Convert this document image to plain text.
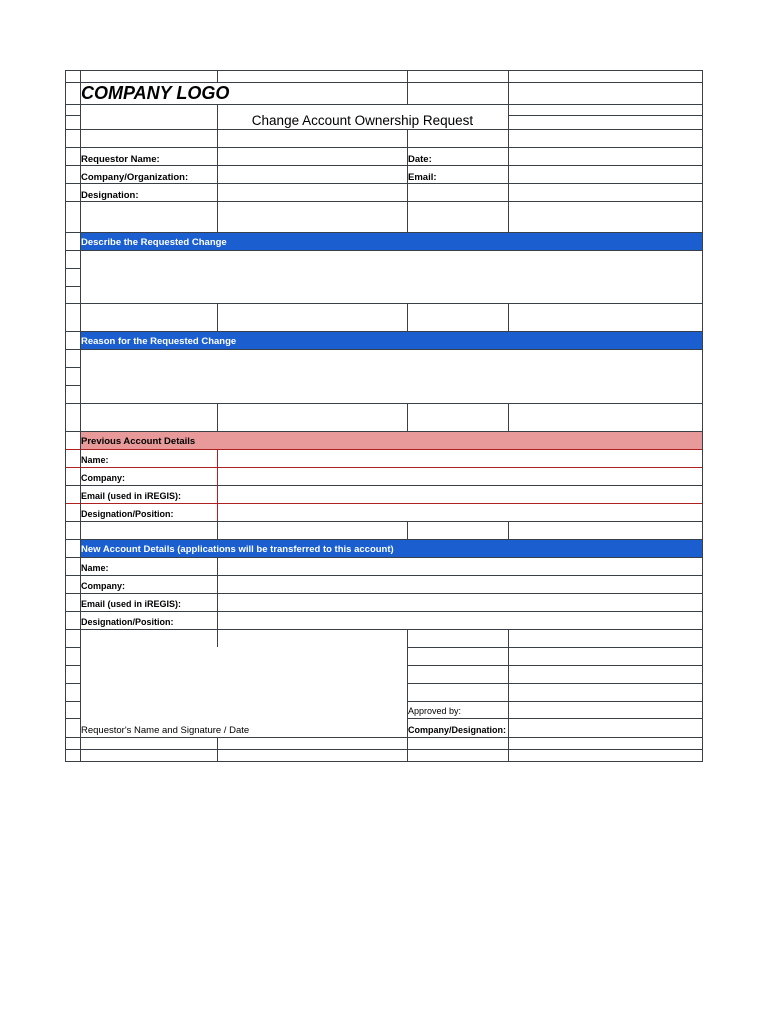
COMPANY LOGO
Change Account Ownership Request
Requestor Name:
Company/Organization:
Designation:
Date:
Email:
Describe the Requested Change
Reason for the Requested Change
Previous Account Details
New Account Details (applications will be transferred to this account)
Name:
Company:
Email (used in iREGIS):
Designation/Position:
Name:
Company:
Email (used in iREGIS):
Designation/Position:
Requestor's Name and Signature / Date
Approved by:
Company/Designation:
